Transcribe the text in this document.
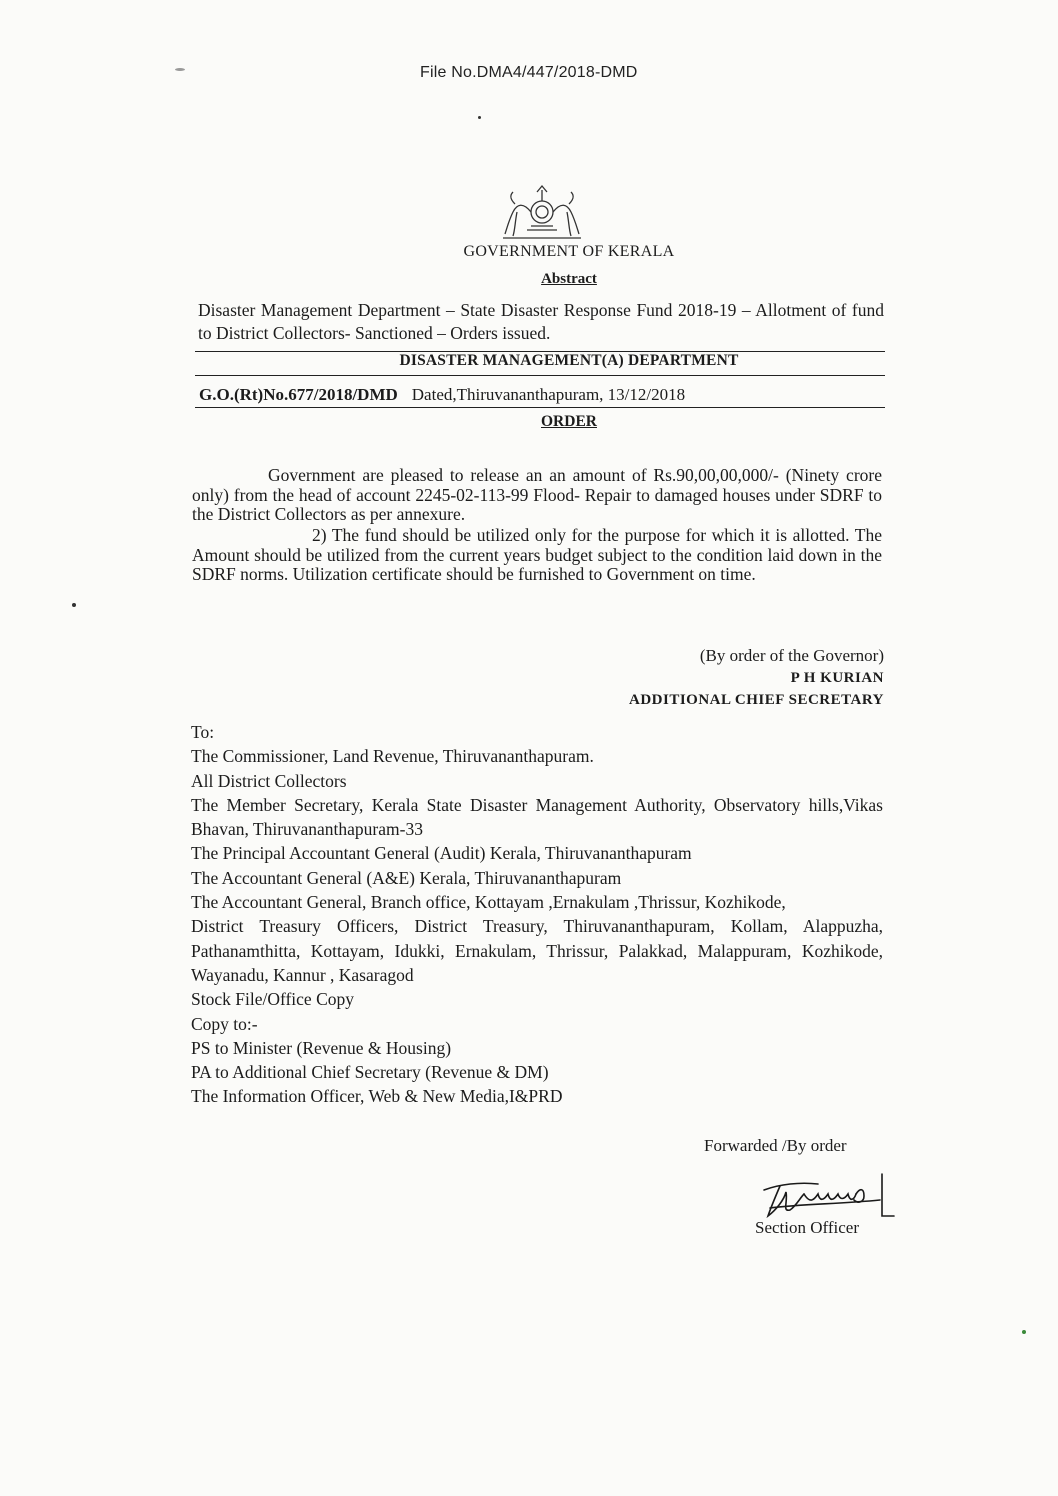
File No.DMA4/447/2018-DMD
GOVERNMENT OF KERALA
Abstract
Disaster Management Department – State Disaster Response Fund 2018-19 – Allotment of fund to District Collectors- Sanctioned – Orders issued.
DISASTER MANAGEMENT(A) DEPARTMENT
G.O.(Rt)No.677/2018/DMD Dated,Thiruvananthapuram, 13/12/2018
ORDER
Government are pleased to release an an amount of Rs.90,00,00,000/- (Ninety crore only) from the head of account 2245-02-113-99 Flood- Repair to damaged houses under SDRF to the District Collectors as per annexure.
2) The fund should be utilized only for the purpose for which it is allotted. The Amount should be utilized from the current years budget subject to the condition laid down in the SDRF norms. Utilization certificate should be furnished to Government on time.
(By order of the Governor)
P H KURIAN
ADDITIONAL CHIEF SECRETARY
To:
The Commissioner, Land Revenue, Thiruvananthapuram.
All District Collectors
The Member Secretary, Kerala State Disaster Management Authority, Observatory hills,Vikas Bhavan, Thiruvananthapuram-33
The Principal Accountant General (Audit) Kerala, Thiruvananthapuram
The Accountant General (A&E) Kerala, Thiruvananthapuram
The Accountant General, Branch office, Kottayam ,Ernakulam ,Thrissur, Kozhikode,
District Treasury Officers, District Treasury, Thiruvananthapuram, Kollam, Alappuzha, Pathanamthitta, Kottayam, Idukki, Ernakulam, Thrissur, Palakkad, Malappuram, Kozhikode, Wayanadu, Kannur , Kasaragod
Stock File/Office Copy
Copy to:-
PS to Minister (Revenue & Housing)
PA to Additional Chief Secretary (Revenue & DM)
The Information Officer, Web & New Media,I&PRD
Forwarded /By order
Section Officer
